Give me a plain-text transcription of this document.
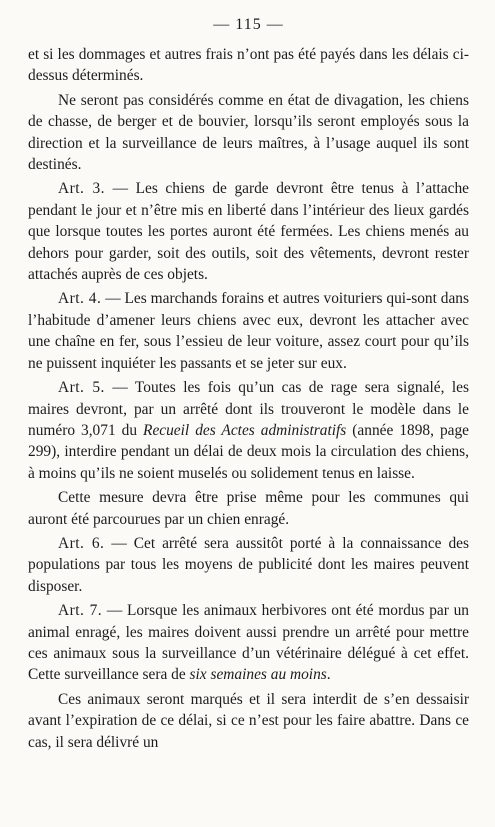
— 115 —

et si les dommages et autres frais n’ont pas été payés dans les délais ci-dessus déterminés.

Ne seront pas considérés comme en état de divagation, les chiens de chasse, de berger et de bouvier, lorsqu’ils seront employés sous la direction et la surveillance de leurs maîtres, à l’usage auquel ils sont destinés.

Art. 3. — Les chiens de garde devront être tenus à l’attache pendant le jour et n’être mis en liberté dans l’intérieur des lieux gardés que lorsque toutes les portes auront été fermées. Les chiens menés au dehors pour garder, soit des outils, soit des vêtements, devront rester attachés auprès de ces objets.

Art. 4. — Les marchands forains et autres voituriers qui-sont dans l’habitude d’amener leurs chiens avec eux, devront les attacher avec une chaîne en fer, sous l’essieu de leur voiture, assez court pour qu’ils ne puissent inquiéter les passants et se jeter sur eux.

Art. 5. — Toutes les fois qu’un cas de rage sera signalé, les maires devront, par un arrêté dont ils trouveront le modèle dans le numéro 3,071 du Recueil des Actes administratifs (année 1898, page 299), interdire pendant un délai de deux mois la circulation des chiens, à moins qu’ils ne soient muselés ou solidement tenus en laisse.

Cette mesure devra être prise même pour les communes qui auront été parcourues par un chien enragé.

Art. 6. — Cet arrêté sera aussitôt porté à la connaissance des populations par tous les moyens de publicité dont les maires peuvent disposer.

Art. 7. — Lorsque les animaux herbivores ont été mordus par un animal enragé, les maires doivent aussi prendre un arrêté pour mettre ces animaux sous la surveillance d’un vétérinaire délégué à cet effet. Cette surveillance sera de six semaines au moins.

Ces animaux seront marqués et il sera interdit de s’en dessaisir avant l’expiration de ce délai, si ce n’est pour les faire abattre. Dans ce cas, il sera délivré un
